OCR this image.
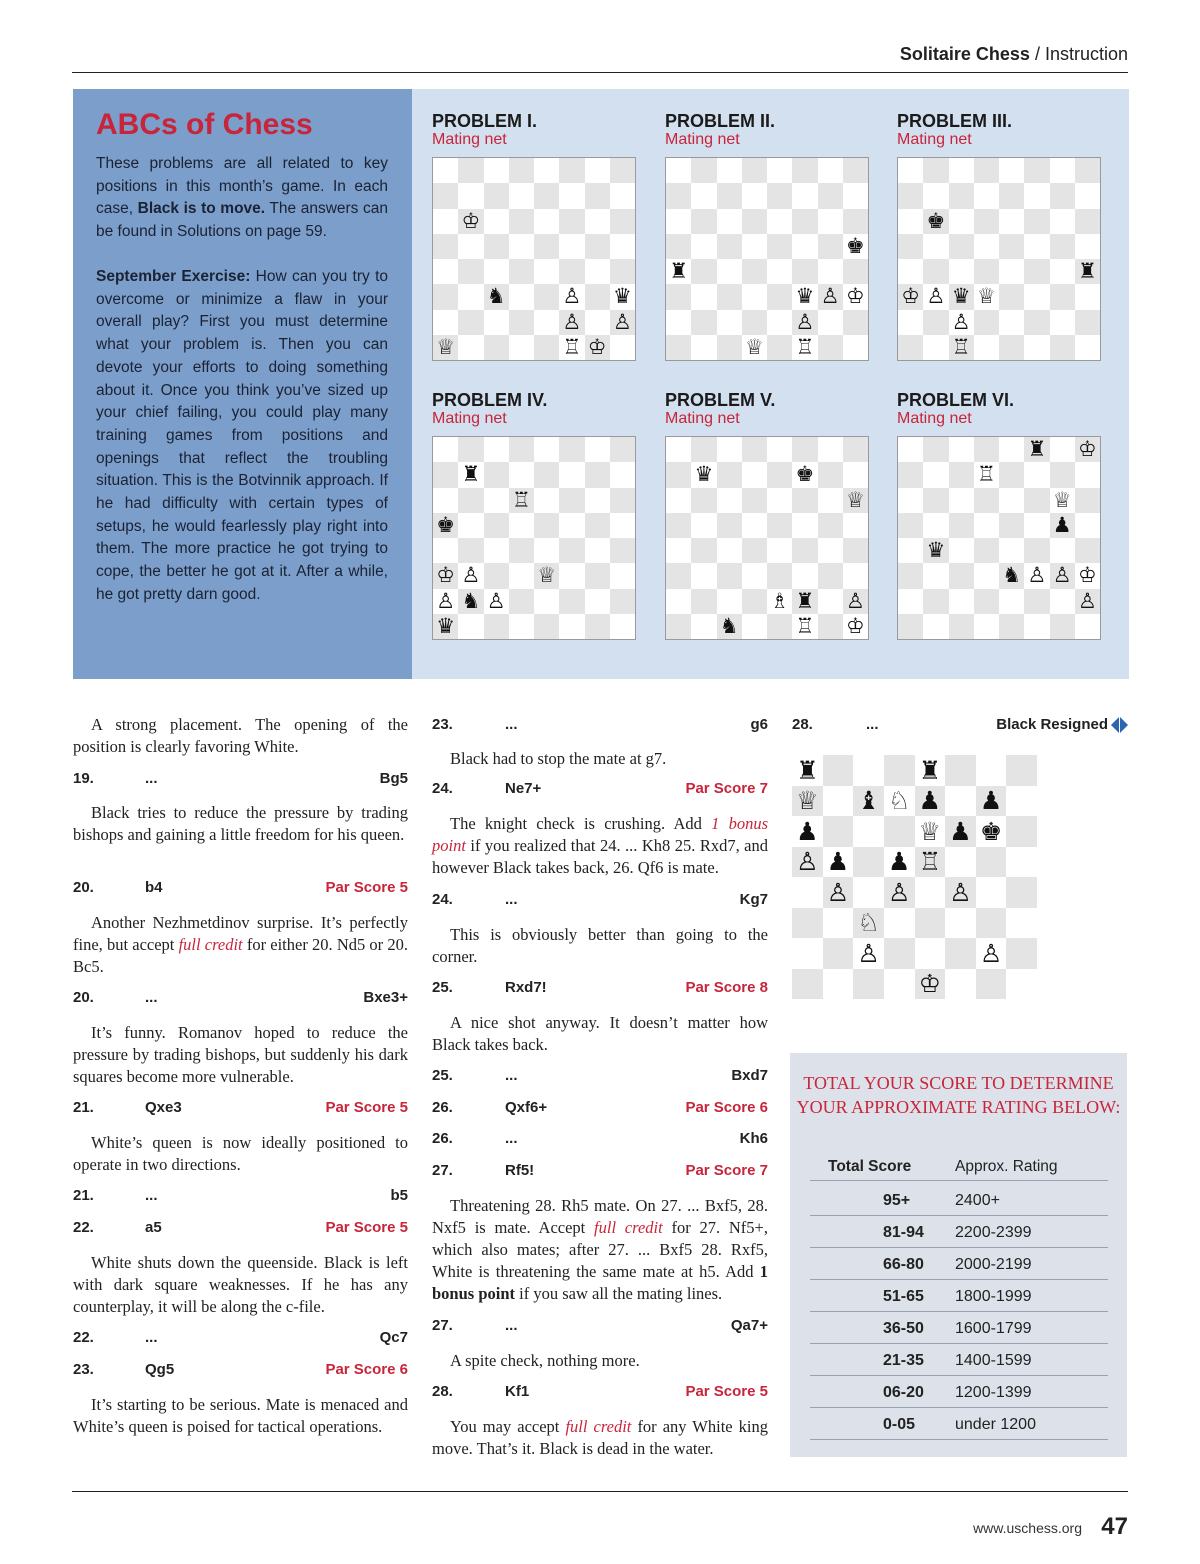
Solitaire Chess / Instruction
ABCs of Chess
These problems are all related to key positions in this month’s game. In each case, Black is to move. The answers can be found in Solutions on page 59.
September Exercise: How can you try to overcome or minimize a flaw in your overall play? First you must determine what your problem is. Then you can devote your efforts to doing something about it. Once you think you’ve sized up your chief failing, you could play many training games from positions and openings that reflect the troubling situation. This is the Botvinnik approach. If he had difficulty with certain types of setups, he would fearlessly play right into them. The more practice he got trying to cope, the better he got at it. After a while, he got pretty darn good.
PROBLEM I.
Mating net
PROBLEM II.
Mating net
PROBLEM III.
Mating net
PROBLEM IV.
Mating net
PROBLEM V.
Mating net
PROBLEM VI.
Mating net
♔
♞	♙ ♛
♙ ♙
♕	♖ ♔
♚
♜
♛ ♙ ♔
♙
♕ ♖
♚
♜
♔ ♙ ♛ ♕
♙
♖
♜
♖
♚
♔ ♙	♕
♙ ♞ ♙
♛
♛	♚
♕
♗ ♜ ♙
♞	♖ ♔
♜ ♔
♖
♕
♟
♛
♞ ♙ ♙ ♔
♙

A strong placement. The opening of the position is clearly favoring White.

19.	...	Bg5

Black tries to reduce the pressure by trading bishops and gaining a little freedom for his queen.

20.	b4	Par Score 5

Another Nezhmetdinov surprise. It’s perfectly fine, but accept full credit for either 20. Nd5 or 20. Bc5.

20.	...	Bxe3+

It’s funny. Romanov hoped to reduce the pressure by trading bishops, but suddenly his dark squares become more vulnerable.

21.	Qxe3	Par Score 5

White’s queen is now ideally positioned to operate in two directions.

21.	...	b5
22.	a5	Par Score 5

White shuts down the queenside. Black is left with dark square weaknesses. If he has any counterplay, it will be along the c-file.

22.	...	Qc7
23.	Qg5	Par Score 6

It’s starting to be serious. Mate is menaced and White’s queen is poised for tactical operations.

23.	...	g6

Black had to stop the mate at g7.

24.	Ne7+	Par Score 7

The knight check is crushing. Add 1 bonus point if you realized that 24. ... Kh8 25. Rxd7, and however Black takes back, 26. Qf6 is mate.

24.	...	Kg7

This is obviously better than going to the corner.

25.	Rxd7!	Par Score 8

A nice shot anyway. It doesn’t matter how Black takes back.

25.	...	Bxd7
26.	Qxf6+	Par Score 6
26.	...	Kh6
27.	Rf5!	Par Score 7

Threatening 28. Rh5 mate. On 27. ... Bxf5, 28. Nxf5 is mate. Accept full credit for 27. Nf5+, which also mates; after 27. ... Bxf5 28. Rxf5, White is threatening the same mate at h5. Add 1 bonus point if you saw all the mating lines.

27.	...	Qa7+

A spite check, nothing more.

28.	Kf1	Par Score 5

You may accept full credit for any White king move. That’s it. Black is dead in the water.

28.	...	Black Resigned
♜	♜
♕ ♝ ♘ ♟ ♟
♟	♕ ♟ ♚
♙ ♟ ♟ ♖
♙ ♙ ♙
♘
♙	♙
♔
TOTAL YOUR SCORE TO DETERMINE YOUR APPROXIMATE RATING BELOW:
Total Score	Approx. Rating
95+	2400+
81-94 2200-2399
66-80 2000-2199
51-65 1800-1999
36-50 1600-1799
21-35 1400-1599
06-20 1200-1399
0-05 under 1200
www.uschess.org 47
